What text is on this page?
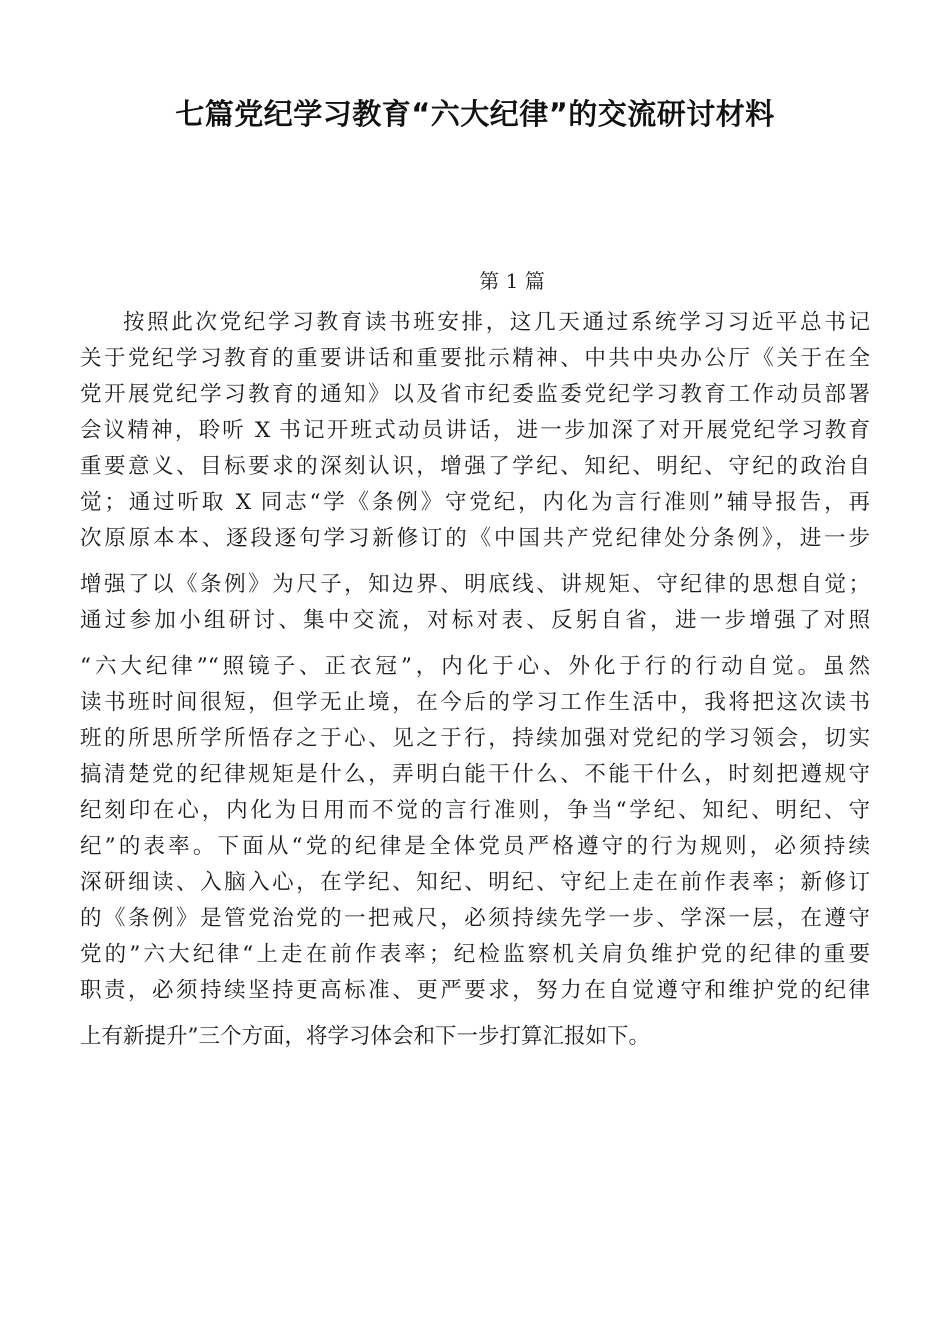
七篇党纪学习教育“六大纪律”的交流研讨材料
第 1 篇
按照此次党纪学习教育读书班安排，这几天通过系统学习习近平总书记
关于党纪学习教育的重要讲话和重要批示精神、中共中央办公厅《关于在全
党开展党纪学习教育的通知》以及省市纪委监委党纪学习教育工作动员部署
会议精神，聆听 X 书记开班式动员讲话，进一步加深了对开展党纪学习教育
重要意义、目标要求的深刻认识，增强了学纪、知纪、明纪、守纪的政治自
觉；通过听取 X 同志“学《条例》守党纪，内化为言行准则”辅导报告，再
次原原本本、逐段逐句学习新修订的《中国共产党纪律处分条例》，进一步
增强了以《条例》为尺子，知边界、明底线、讲规矩、守纪律的思想自觉；
通过参加小组研讨、集中交流，对标对表、反躬自省，进一步增强了对照
“六大纪律”“照镜子、正衣冠”，内化于心、外化于行的行动自觉。虽然
读书班时间很短，但学无止境，在今后的学习工作生活中，我将把这次读书
班的所思所学所悟存之于心、见之于行，持续加强对党纪的学习领会，切实
搞清楚党的纪律规矩是什么，弄明白能干什么、不能干什么，时刻把遵规守
纪刻印在心，内化为日用而不觉的言行准则，争当“学纪、知纪、明纪、守
纪”的表率。下面从“党的纪律是全体党员严格遵守的行为规则，必须持续
深研细读、入脑入心，在学纪、知纪、明纪、守纪上走在前作表率；新修订
的《条例》是管党治党的一把戒尺，必须持续先学一步、学深一层，在遵守
党的”六大纪律“上走在前作表率；纪检监察机关肩负维护党的纪律的重要
职责，必须持续坚持更高标准、更严要求，努力在自觉遵守和维护党的纪律
上有新提升”三个方面，将学习体会和下一步打算汇报如下。
